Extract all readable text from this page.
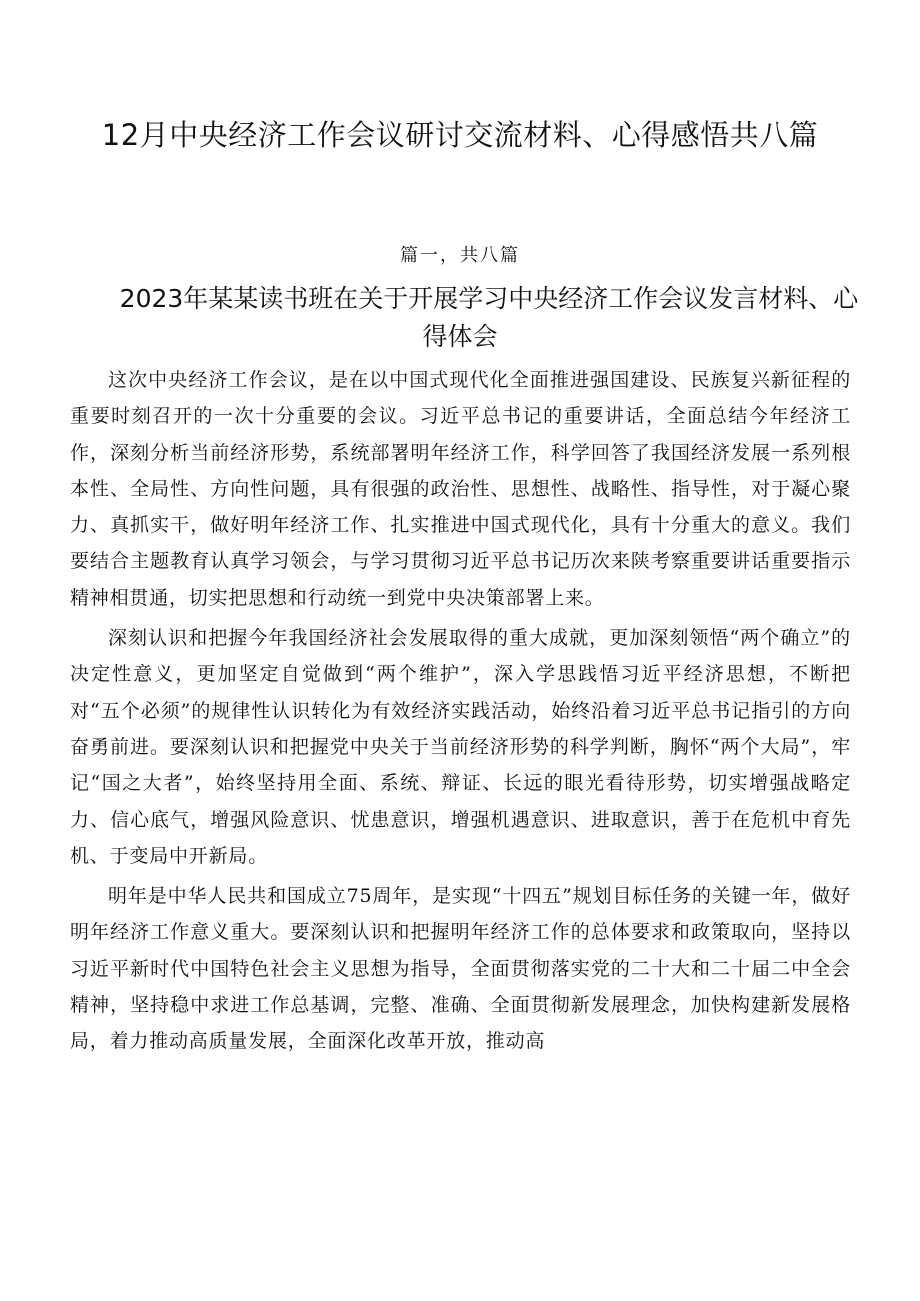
12月中央经济工作会议研讨交流材料、心得感悟共八篇

篇一，共八篇

2023年某某读书班在关于开展学习中央经济工作会议发言材料、心得体会

这次中央经济工作会议，是在以中国式现代化全面推进强国建设、民族复兴新征程的重要时刻召开的一次十分重要的会议。习近平总书记的重要讲话，全面总结今年经济工作，深刻分析当前经济形势，系统部署明年经济工作，科学回答了我国经济发展一系列根本性、全局性、方向性问题，具有很强的政治性、思想性、战略性、指导性，对于凝心聚力、真抓实干，做好明年经济工作、扎实推进中国式现代化，具有十分重大的意义。我们要结合主题教育认真学习领会，与学习贯彻习近平总书记历次来陕考察重要讲话重要指示精神相贯通，切实把思想和行动统一到党中央决策部署上来。

深刻认识和把握今年我国经济社会发展取得的重大成就，更加深刻领悟“两个确立”的决定性意义，更加坚定自觉做到“两个维护”，深入学思践悟习近平经济思想，不断把对“五个必须”的规律性认识转化为有效经济实践活动，始终沿着习近平总书记指引的方向奋勇前进。要深刻认识和把握党中央关于当前经济形势的科学判断，胸怀“两个大局”，牢记“国之大者”，始终坚持用全面、系统、辩证、长远的眼光看待形势，切实增强战略定力、信心底气，增强风险意识、忧患意识，增强机遇意识、进取意识，善于在危机中育先机、于变局中开新局。

明年是中华人民共和国成立75周年，是实现“十四五”规划目标任务的关键一年，做好明年经济工作意义重大。要深刻认识和把握明年经济工作的总体要求和政策取向，坚持以习近平新时代中国特色社会主义思想为指导，全面贯彻落实党的二十大和二十届二中全会精神，坚持稳中求进工作总基调，完整、准确、全面贯彻新发展理念，加快构建新发展格局，着力推动高质量发展，全面深化改革开放，推动高
